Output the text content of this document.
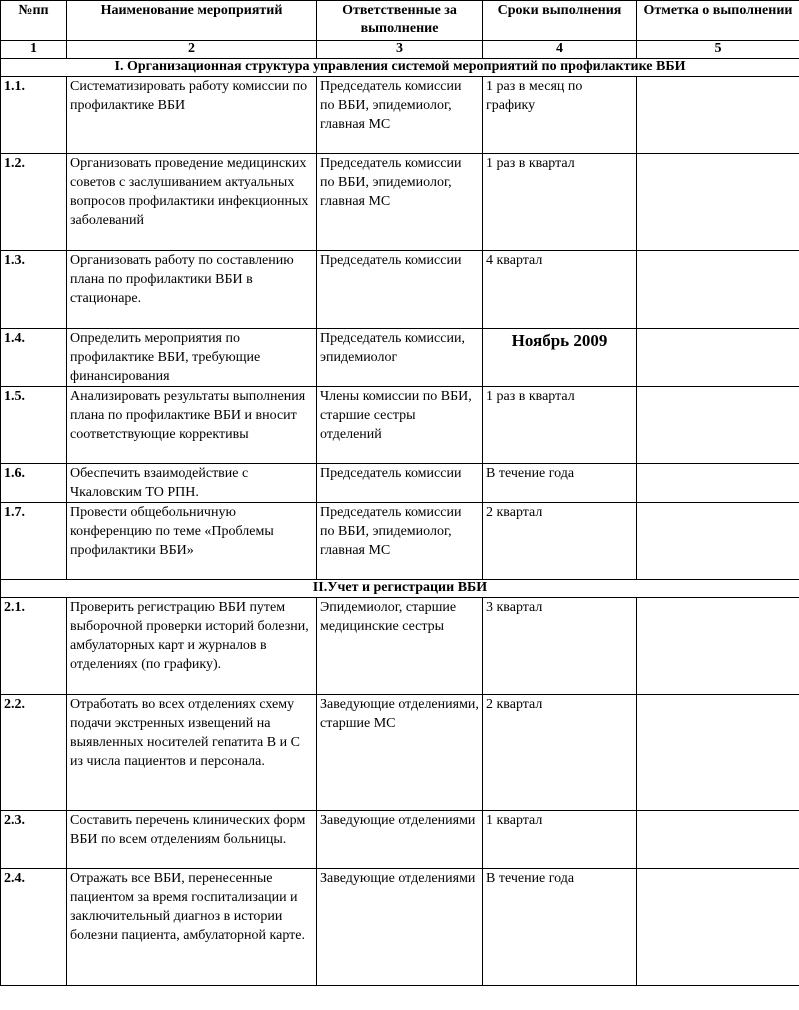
№пп	Наименование мероприятий	Ответственные за выполнение	Сроки выполнения	Отметка о выполнении
1	2	3	4	5
I. Организационная структура управления системой мероприятий по профилактике ВБИ				
1.1.	Систематизировать работу комиссии по профилактике ВБИ	Председатель комиссии по ВБИ, эпидемиолог, главная МС	1 раз в месяц по графику	
1.2.	Организовать проведение медицинских советов с заслушиванием актуальных вопросов профилактики инфекционных заболеваний	Председатель комиссии по ВБИ, эпидемиолог, главная МС	1 раз в квартал	
1.3.	Организовать работу по составлению плана по профилактики ВБИ в стационаре.	Председатель комиссии	4 квартал	
1.4.	Определить мероприятия по профилактике ВБИ, требующие финансирования	Председатель комиссии, эпидемиолог	Ноябрь 2009	

1.5.	Анализировать результаты выполнения плана по профилактике ВБИ и вносит соответствующие коррективы	Члены комиссии по ВБИ, старшие сестры отделений	1 раз в квартал	
1.6.	Обеспечить взаимодействие с Чкаловским ТО РПН.	Председатель комиссии	В течение года	
1.7.	Провести общебольничную конференцию по теме «Проблемы профилактики ВБИ»	Председатель комиссии по ВБИ, эпидемиолог, главная МС	2 квартал	
II.Учет и регистрации ВБИ				
2.1.	Проверить регистрацию ВБИ путем выборочной проверки историй болезни, амбулаторных карт и журналов в отделениях (по графику).	Эпидемиолог, старшие медицинские сестры	3 квартал	
2.2.	Отработать во всех отделениях схему подачи экстренных извещений на выявленных носителей гепатита В и С из числа пациентов и персонала.	Заведующие отделениями, старшие МС	2 квартал	
2.3.	Составить перечень клинических форм ВБИ по всем отделениям больницы.	Заведующие отделениями	1 квартал	
2.4.	Отражать все ВБИ, перенесенные пациентом за время госпитализации и заключительный диагноз в истории болезни пациента, амбулаторной карте.	Заведующие отделениями	В течение года	
